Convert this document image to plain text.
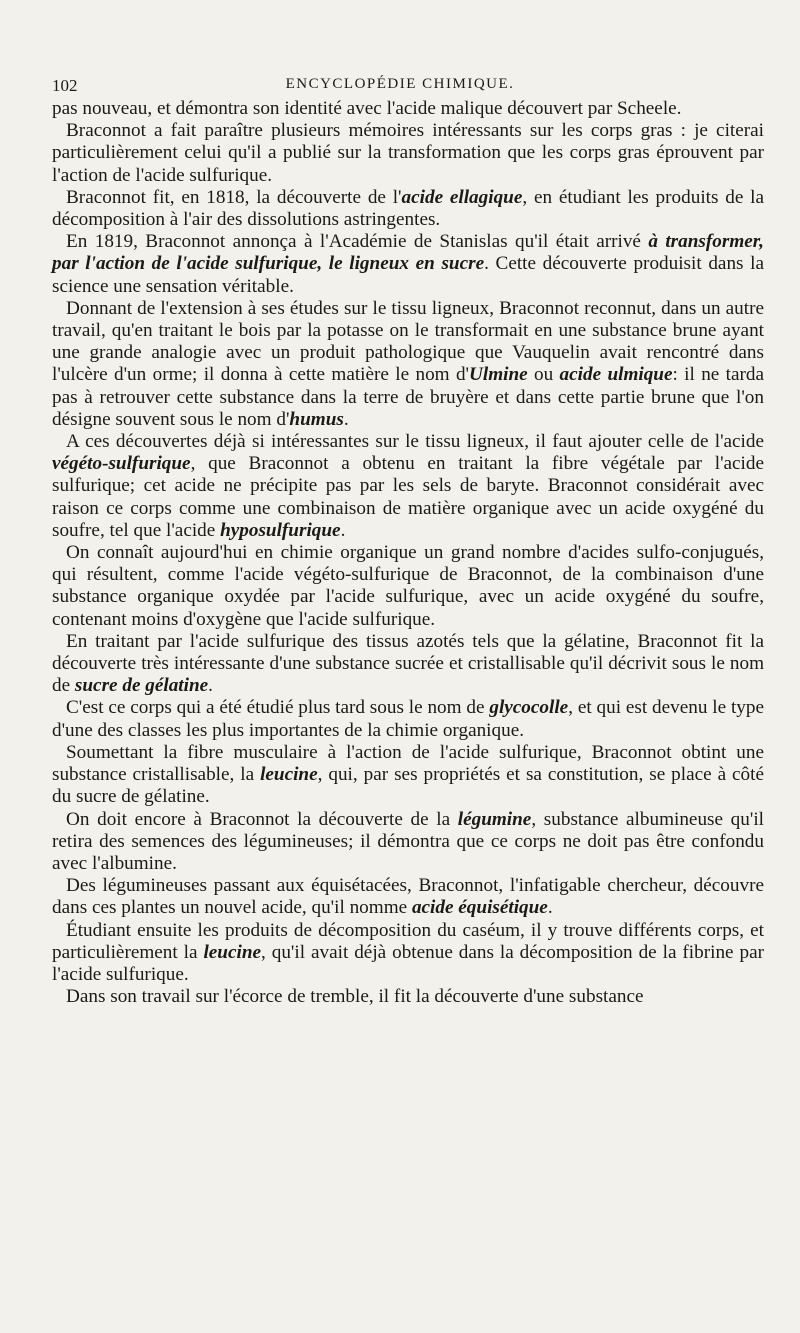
102	ENCYCLOPÉDIE CHIMIQUE.

pas nouveau, et démontra son identité avec l'acide malique découvert par Scheele.

Braconnot a fait paraître plusieurs mémoires intéressants sur les corps gras : je citerai particulièrement celui qu'il a publié sur la transformation que les corps gras éprouvent par l'action de l'acide sulfurique.

Braconnot fit, en 1818, la découverte de l'acide ellagique, en étudiant les produits de la décomposition à l'air des dissolutions astringentes.

En 1819, Braconnot annonça à l'Académie de Stanislas qu'il était arrivé à transformer, par l'action de l'acide sulfurique, le ligneux en sucre. Cette découverte produisit dans la science une sensation véritable.

Donnant de l'extension à ses études sur le tissu ligneux, Braconnot reconnut, dans un autre travail, qu'en traitant le bois par la potasse on le transformait en une substance brune ayant une grande analogie avec un produit pathologique que Vauquelin avait rencontré dans l'ulcère d'un orme; il donna à cette matière le nom d'Ulmine ou acide ulmique: il ne tarda pas à retrouver cette substance dans la terre de bruyère et dans cette partie brune que l'on désigne souvent sous le nom d'humus.

A ces découvertes déjà si intéressantes sur le tissu ligneux, il faut ajouter celle de l'acide végéto-sulfurique, que Braconnot a obtenu en traitant la fibre végétale par l'acide sulfurique; cet acide ne précipite pas par les sels de baryte. Braconnot considérait avec raison ce corps comme une combinaison de matière organique avec un acide oxygéné du soufre, tel que l'acide hyposulfurique.

On connaît aujourd'hui en chimie organique un grand nombre d'acides sulfo-conjugués, qui résultent, comme l'acide végéto-sulfurique de Braconnot, de la combinaison d'une substance organique oxydée par l'acide sulfurique, avec un acide oxygéné du soufre, contenant moins d'oxygène que l'acide sulfurique.

En traitant par l'acide sulfurique des tissus azotés tels que la gélatine, Braconnot fit la découverte très intéressante d'une substance sucrée et cristallisable qu'il décrivit sous le nom de sucre de gélatine.

C'est ce corps qui a été étudié plus tard sous le nom de glycocolle, et qui est devenu le type d'une des classes les plus importantes de la chimie organique.

Soumettant la fibre musculaire à l'action de l'acide sulfurique, Braconnot obtint une substance cristallisable, la leucine, qui, par ses propriétés et sa constitution, se place à côté du sucre de gélatine.

On doit encore à Braconnot la découverte de la légumine, substance albumineuse qu'il retira des semences des légumineuses; il démontra que ce corps ne doit pas être confondu avec l'albumine.

Des légumineuses passant aux équisétacées, Braconnot, l'infatigable chercheur, découvre dans ces plantes un nouvel acide, qu'il nomme acide équisétique.

Étudiant ensuite les produits de décomposition du caséum, il y trouve différents corps, et particulièrement la leucine, qu'il avait déjà obtenue dans la décomposition de la fibrine par l'acide sulfurique.

Dans son travail sur l'écorce de tremble, il fit la découverte d'une substance
